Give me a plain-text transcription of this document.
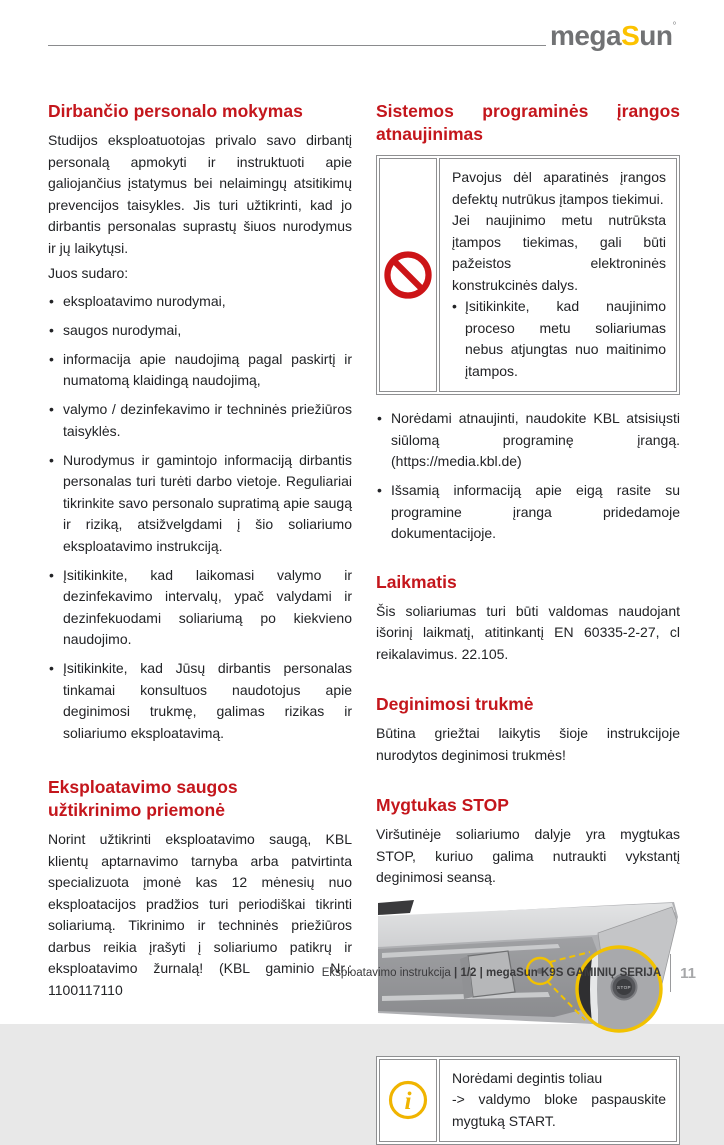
megaSun°
Dirbančio personalo mokymas

Studijos eksploatuotojas privalo savo dirbantį personalą apmokyti ir instruktuoti apie galiojančius įstatymus bei nelaimingų atsitikimų prevencijos taisykles. Jis turi užtikrinti, kad jo dirbantis personalas suprastų šiuos nurodymus ir jų laikytųsi.

Juos sudaro:

• eksploatavimo nurodymai,
• saugos nurodymai,
• informacija apie naudojimą pagal paskirtį ir numatomą klaidingą naudojimą,
• valymo / dezinfekavimo ir techninės priežiūros taisyklės.
• Nurodymus ir gamintojo informaciją dirbantis personalas turi turėti darbo vietoje. Reguliariai tikrinkite savo personalo supratimą apie saugą ir riziką, atsižvelgdami į šio soliariumo eksploatavimo instrukciją.
• Įsitikinkite, kad laikomasi valymo ir dezinfekavimo intervalų, ypač valydami ir dezinfekuodami soliariumą po kiekvieno naudojimo.
• Įsitikinkite, kad Jūsų dirbantis personalas tinkamai konsultuos naudotojus apie deginimosi trukmę, galimas rizikas ir soliariumo eksploatavimą.
Eksploatavimo saugos
užtikrinimo priemonė

Norint užtikrinti eksploatavimo saugą, KBL klientų aptarnavimo tarnyba arba patvirtinta specializuota įmonė kas 12 mėnesių nuo eksploatacijos pradžios turi periodiškai tikrinti soliariumą. Tikrinimo ir techninės priežiūros darbus reikia įrašyti į soliariumo patikrų ir eksploatavimo žurnalą! (KBL gaminio Nr.: 1100117110

Sistemos programinės įrangos
atnaujinimas

Pavojus dėl aparatinės įrangos defektų nutrūkus įtampos tiekimui.

Jei naujinimo metu nutrūksta įtampos tiekimas, gali būti pažeistos elektroninės konstrukcinės dalys.

• Įsitikinkite, kad naujinimo proceso metu soliariumas nebus atjungtas nuo maitinimo įtampos.

• Norėdami atnaujinti, naudokite KBL atsisiųsti siūlomą programinę įrangą. (https://media.kbl.de)
• Išsamią informaciją apie eigą rasite su programine įranga pridedamoje dokumentacijoje.
Laikmatis

Šis soliariumas turi būti valdomas naudojant išorinį laikmatį, atitinkantį EN 60335-2-27, cl reikalavimus. 22.105.

Deginimosi trukmė

Būtina griežtai laikytis šioje instrukcijoje nurodytos deginimosi trukmės!

Mygtukas STOP

Viršutinėje soliariumo dalyje yra mygtukas STOP, kuriuo galima nutraukti vykstantį deginimosi seansą.

STOP
i

Norėdami degintis toliau

-> valdymo bloke paspauskite mygtuką START.

Eksploatavimo instrukcija | 1/2 | megaSun K9S GAMINIŲ SERIJA 11
